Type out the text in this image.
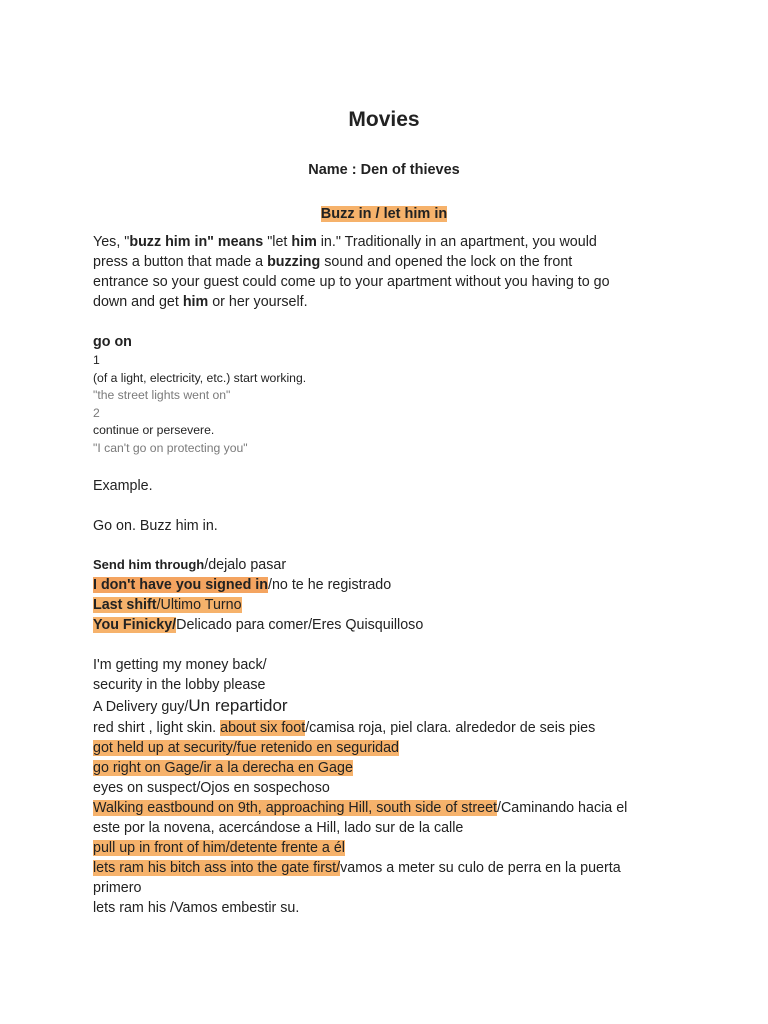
Movies
Name : Den of thieves
Buzz in / let him in
Yes, "buzz him in" means "let him in." Traditionally in an apartment, you would
press a button that made a buzzing sound and opened the lock on the front
entrance so your guest could come up to your apartment without you having to go
down and get him or her yourself.
go on
1
(of a light, electricity, etc.) start working.
"the street lights went on"
2
continue or persevere.
"I can't go on protecting you"
Example.
Go on. Buzz him in.
Send him through/dejalo pasar
I don't have you signed in/no te he registrado
Last shift/Ultimo Turno
You Finicky/Delicado para comer/Eres Quisquilloso
I'm getting my money back/
security in the lobby please
A Delivery guy/Un repartidor
red shirt , light skin. about six foot/camisa roja, piel clara. alrededor de seis pies
got held up at security/fue retenido en seguridad
go right on Gage/ir a la derecha en Gage
eyes on suspect/Ojos en sospechoso
Walking eastbound on 9th, approaching Hill, south side of street/Caminando hacia el
este por la novena, acercándose a Hill, lado sur de la calle
pull up in front of him/detente frente a él
lets ram his bitch ass into the gate first/vamos a meter su culo de perra en la puerta
primero
lets ram his /Vamos embestir su.
